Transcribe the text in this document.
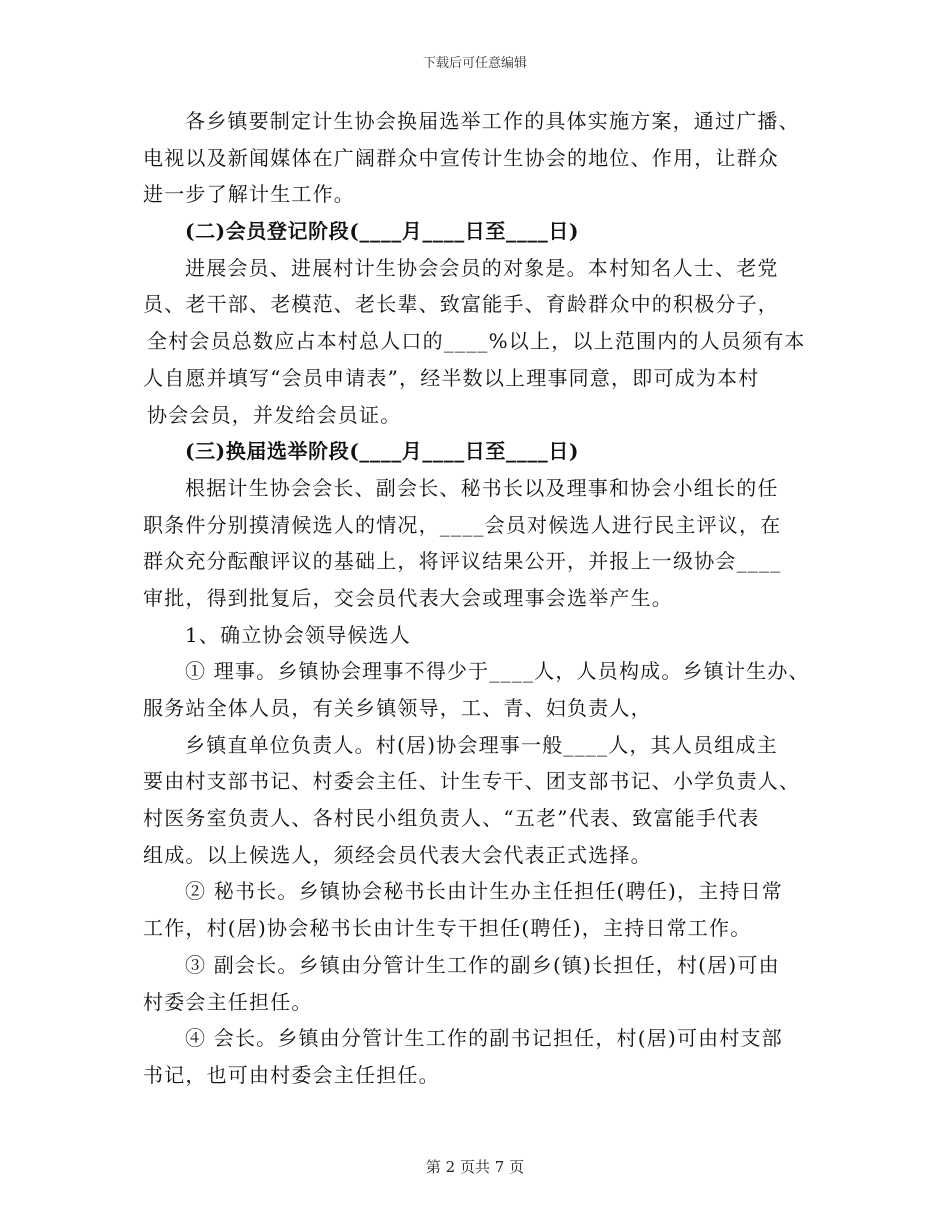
下载后可任意编辑
各乡镇要制定计生协会换届选举工作的具体实施方案，通过广播、
电视以及新闻媒体在广阔群众中宣传计生协会的地位、作用，让群众
进一步了解计生工作。
(二)会员登记阶段(____月____日至____日)
进展会员、进展村计生协会会员的对象是。本村知名人士、老党
员、老干部、老模范、老长辈、致富能手、育龄群众中的积极分子，
全村会员总数应占本村总人口的____%以上，以上范围内的人员须有本
人自愿并填写“会员申请表”，经半数以上理事同意，即可成为本村
协会会员，并发给会员证。
(三)换届选举阶段(____月____日至____日)
根据计生协会会长、副会长、秘书长以及理事和协会小组长的任
职条件分别摸清候选人的情况，____会员对候选人进行民主评议，在
群众充分酝酿评议的基础上，将评议结果公开，并报上一级协会____
审批，得到批复后，交会员代表大会或理事会选举产生。
1、确立协会领导候选人
① 理事。乡镇协会理事不得少于____人，人员构成。乡镇计生办、
服务站全体人员，有关乡镇领导，工、青、妇负责人，
乡镇直单位负责人。村(居)协会理事一般____人，其人员组成主
要由村支部书记、村委会主任、计生专干、团支部书记、小学负责人、
村医务室负责人、各村民小组负责人、“五老”代表、致富能手代表
组成。以上候选人，须经会员代表大会代表正式选择。
② 秘书长。乡镇协会秘书长由计生办主任担任(聘任)，主持日常
工作，村(居)协会秘书长由计生专干担任(聘任)，主持日常工作。
③ 副会长。乡镇由分管计生工作的副乡(镇)长担任，村(居)可由
村委会主任担任。
④ 会长。乡镇由分管计生工作的副书记担任，村(居)可由村支部
书记，也可由村委会主任担任。
第 2 页共 7 页
